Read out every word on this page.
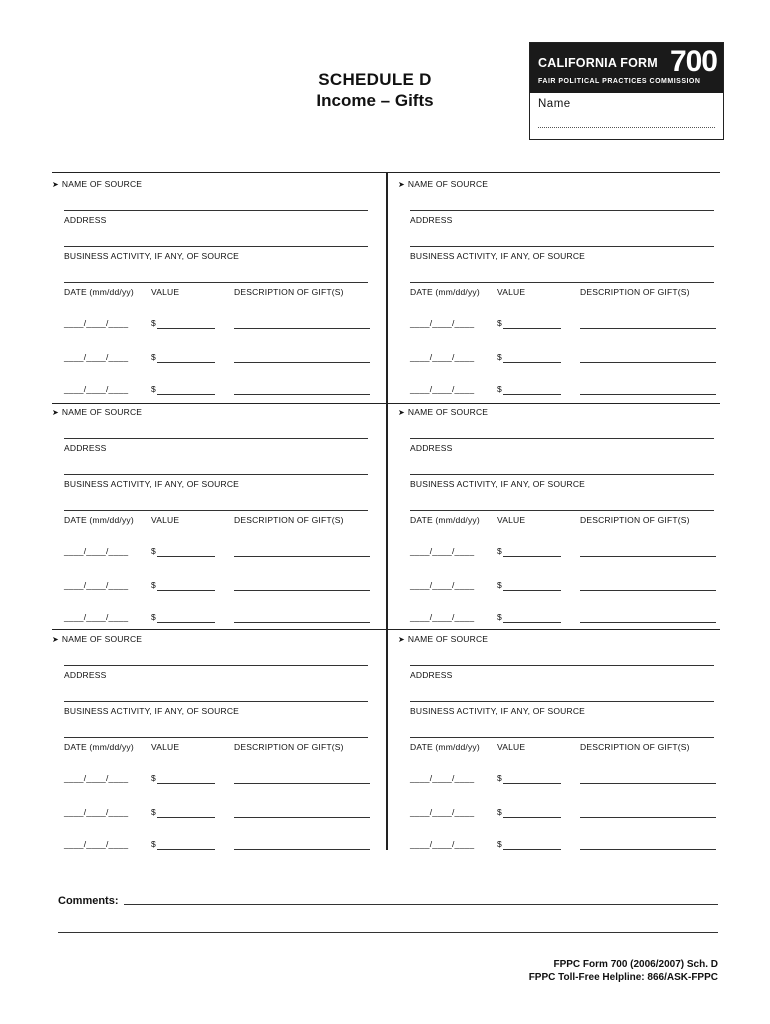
SCHEDULE D
Income – Gifts
CALIFORNIA FORM 700
FAIR POLITICAL PRACTICES COMMISSION
Name
➤ NAME OF SOURCE
ADDRESS
BUSINESS ACTIVITY, IF ANY, OF SOURCE
DATE (mm/dd/yy) VALUE	DESCRIPTION OF GIFT(S)
____/____/____	$
____/____/____	$
____/____/____	$
➤ NAME OF SOURCE
ADDRESS
BUSINESS ACTIVITY, IF ANY, OF SOURCE
DATE (mm/dd/yy) VALUE	DESCRIPTION OF GIFT(S)
____/____/____	$
____/____/____	$
____/____/____	$
➤ NAME OF SOURCE
ADDRESS
BUSINESS ACTIVITY, IF ANY, OF SOURCE
DATE (mm/dd/yy) VALUE	DESCRIPTION OF GIFT(S)
____/____/____	$
____/____/____	$
____/____/____	$
➤ NAME OF SOURCE
ADDRESS
BUSINESS ACTIVITY, IF ANY, OF SOURCE
DATE (mm/dd/yy) VALUE	DESCRIPTION OF GIFT(S)
____/____/____	$
____/____/____	$
____/____/____	$
➤ NAME OF SOURCE
ADDRESS
BUSINESS ACTIVITY, IF ANY, OF SOURCE
DATE (mm/dd/yy) VALUE	DESCRIPTION OF GIFT(S)
____/____/____	$
____/____/____	$
____/____/____	$
➤ NAME OF SOURCE
ADDRESS
BUSINESS ACTIVITY, IF ANY, OF SOURCE
DATE (mm/dd/yy) VALUE	DESCRIPTION OF GIFT(S)
____/____/____	$
____/____/____	$
____/____/____	$
Comments:
FPPC Form 700 (2006/2007) Sch. D
FPPC Toll-Free Helpline: 866/ASK-FPPC
